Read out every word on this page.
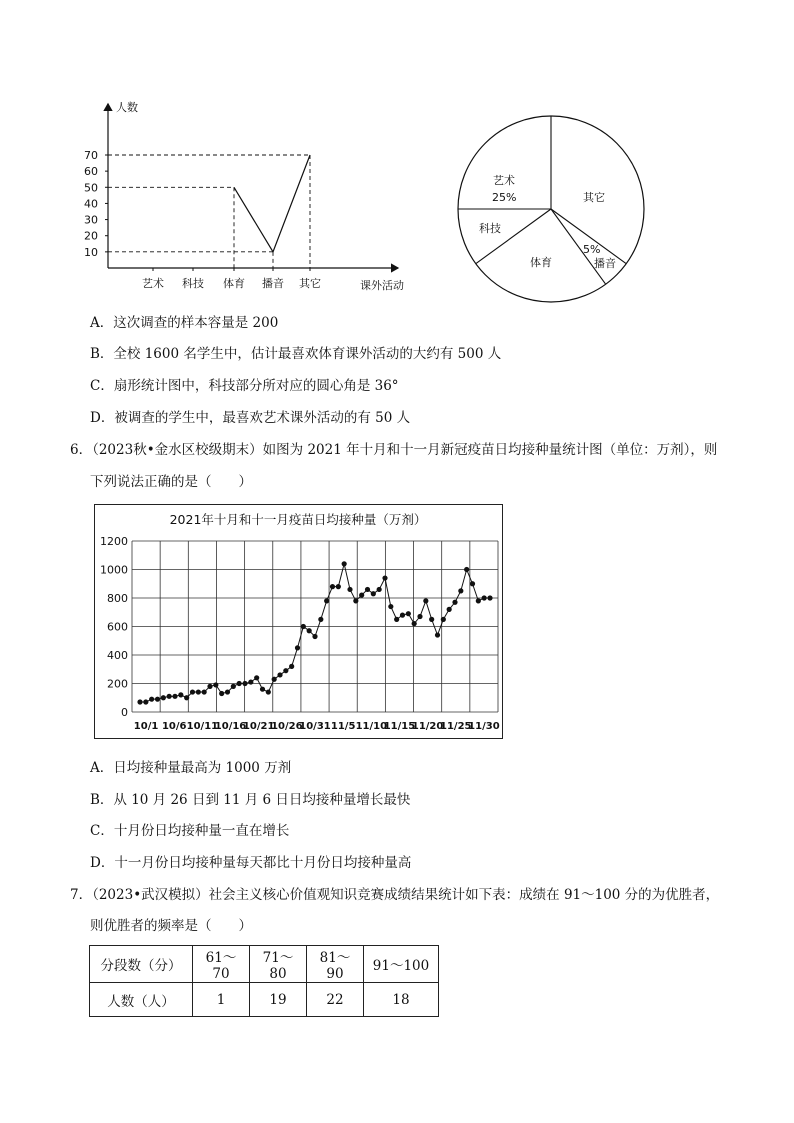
人数
课外活动
10
20
30
40
50
60
70
艺术 科技 体育 播音 其它
艺术
25%
科技
体育
其它
5%
播音
A．这次调查的样本容量是 200
B．全校 1600 名学生中，估计最喜欢体育课外活动的大约有 500 人
C．扇形统计图中，科技部分所对应的圆心角是 36°
D．被调查的学生中，最喜欢艺术课外活动的有 50 人
6．（2023秋•金水区校级期末）如图为 2021 年十月和十一月新冠疫苗日均接种量统计图（单位：万剂），则
下列说法正确的是（　　）
2021年十月和十一月疫苗日均接种量（万剂）
0
200
400
600
800
1000
1200
10/1 10/6 10/11
10/16
10/21
10/26
10/31 11/5 11/10
11/15
11/20
11/25
11/30
A．日均接种量最高为 1000 万剂
B．从 10 月 26 日到 11 月 6 日日均接种量增长最快
C．十月份日均接种量一直在增长
D．十一月份日均接种量每天都比十月份日均接种量高
7．（2023•武汉模拟）社会主义核心价值观知识竞赛成绩结果统计如下表：成绩在 91～100 分的为优胜者，
则优胜者的频率是（　　）
分段数（分）	61～70	71～80	81～90	91～100
人数（人）	1	19	22	18
